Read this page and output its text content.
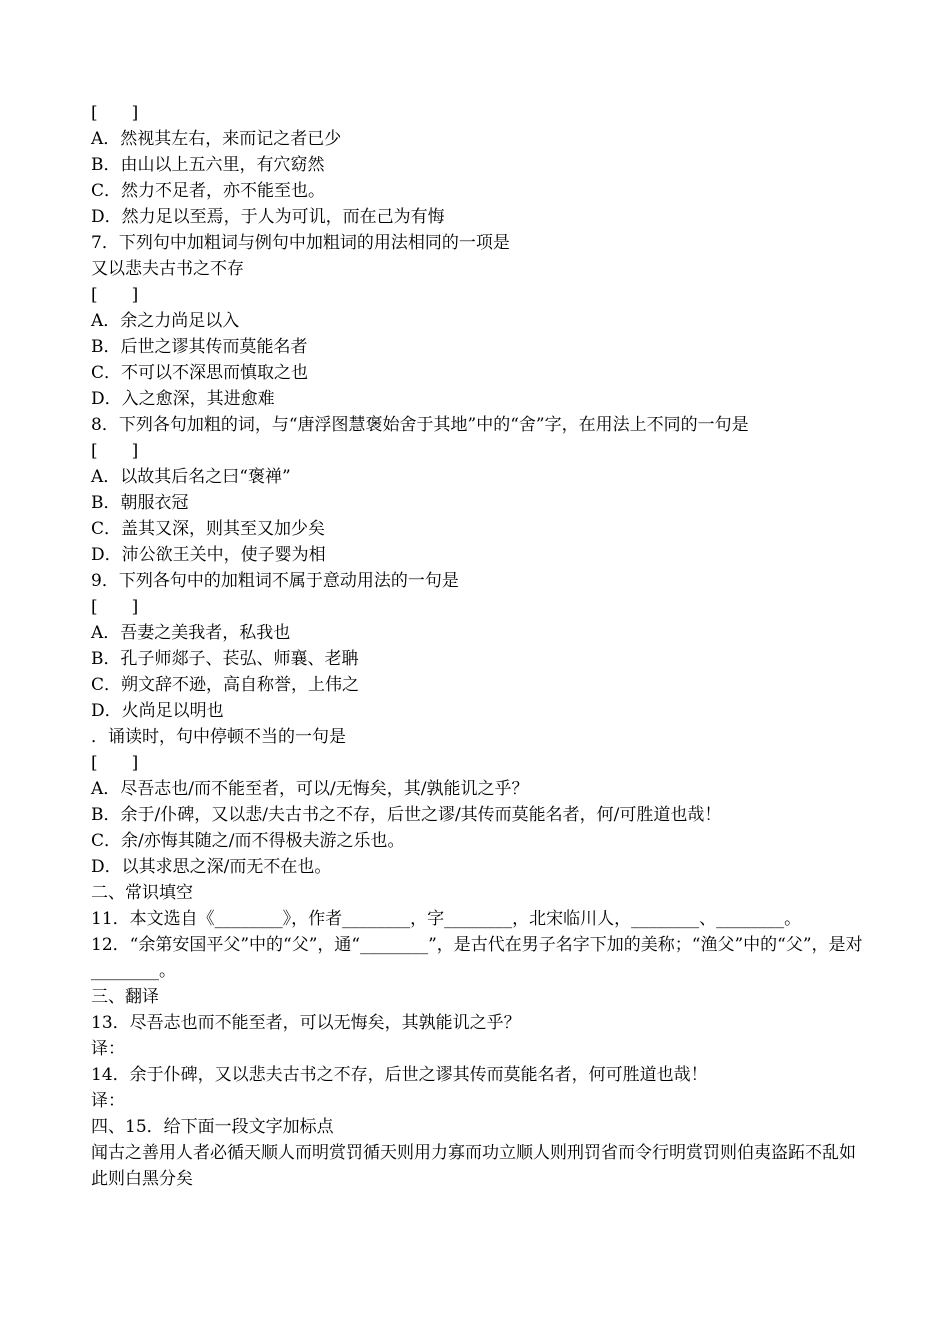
[　　]

A．然视其左右，来而记之者已少

B．由山以上五六里，有穴窈然

C．然力不足者，亦不能至也。

D．然力足以至焉，于人为可讥，而在己为有悔

7．下列句中加粗词与例句中加粗词的用法相同的一项是

又以悲夫古书之不存

[　　]

A．余之力尚足以入

B．后世之谬其传而莫能名者

C．不可以不深思而慎取之也

D．入之愈深，其进愈难

8．下列各句加粗的词，与“唐浮图慧褒始舍于其地”中的“舍”字，在用法上不同的一句是

[　　]

A．以故其后名之曰“褒禅”

B．朝服衣冠

C．盖其又深，则其至又加少矣

D．沛公欲王关中，使子婴为相

9．下列各句中的加粗词不属于意动用法的一句是

[　　]

A．吾妻之美我者，私我也

B．孔子师郯子、苌弘、师襄、老聃

C．朔文辞不逊，高自称誉，上伟之

D．火尚足以明也

．诵读时，句中停顿不当的一句是

[　　]

A．尽吾志也/而不能至者，可以/无悔矣，其/孰能讥之乎？

B．余于/仆碑，又以悲/夫古书之不存，后世之谬/其传而莫能名者，何/可胜道也哉！

C．余/亦悔其随之/而不得极夫游之乐也。

D．以其求思之深/而无不在也。

二、常识填空

11．本文选自《________》，作者________，字________，北宋临川人，________、________。

12．“余第安国平父”中的“父”，通“________”，是古代在男子名字下加的美称；“渔父”中的“父”，是对________。

三、翻译

13．尽吾志也而不能至者，可以无悔矣，其孰能讥之乎？

译：

14．余于仆碑，又以悲夫古书之不存，后世之谬其传而莫能名者，何可胜道也哉！

译：

四、15．给下面一段文字加标点

闻古之善用人者必循天顺人而明赏罚循天则用力寡而功立顺人则刑罚省而令行明赏罚则伯夷盗跖不乱如此则白黑分矣
